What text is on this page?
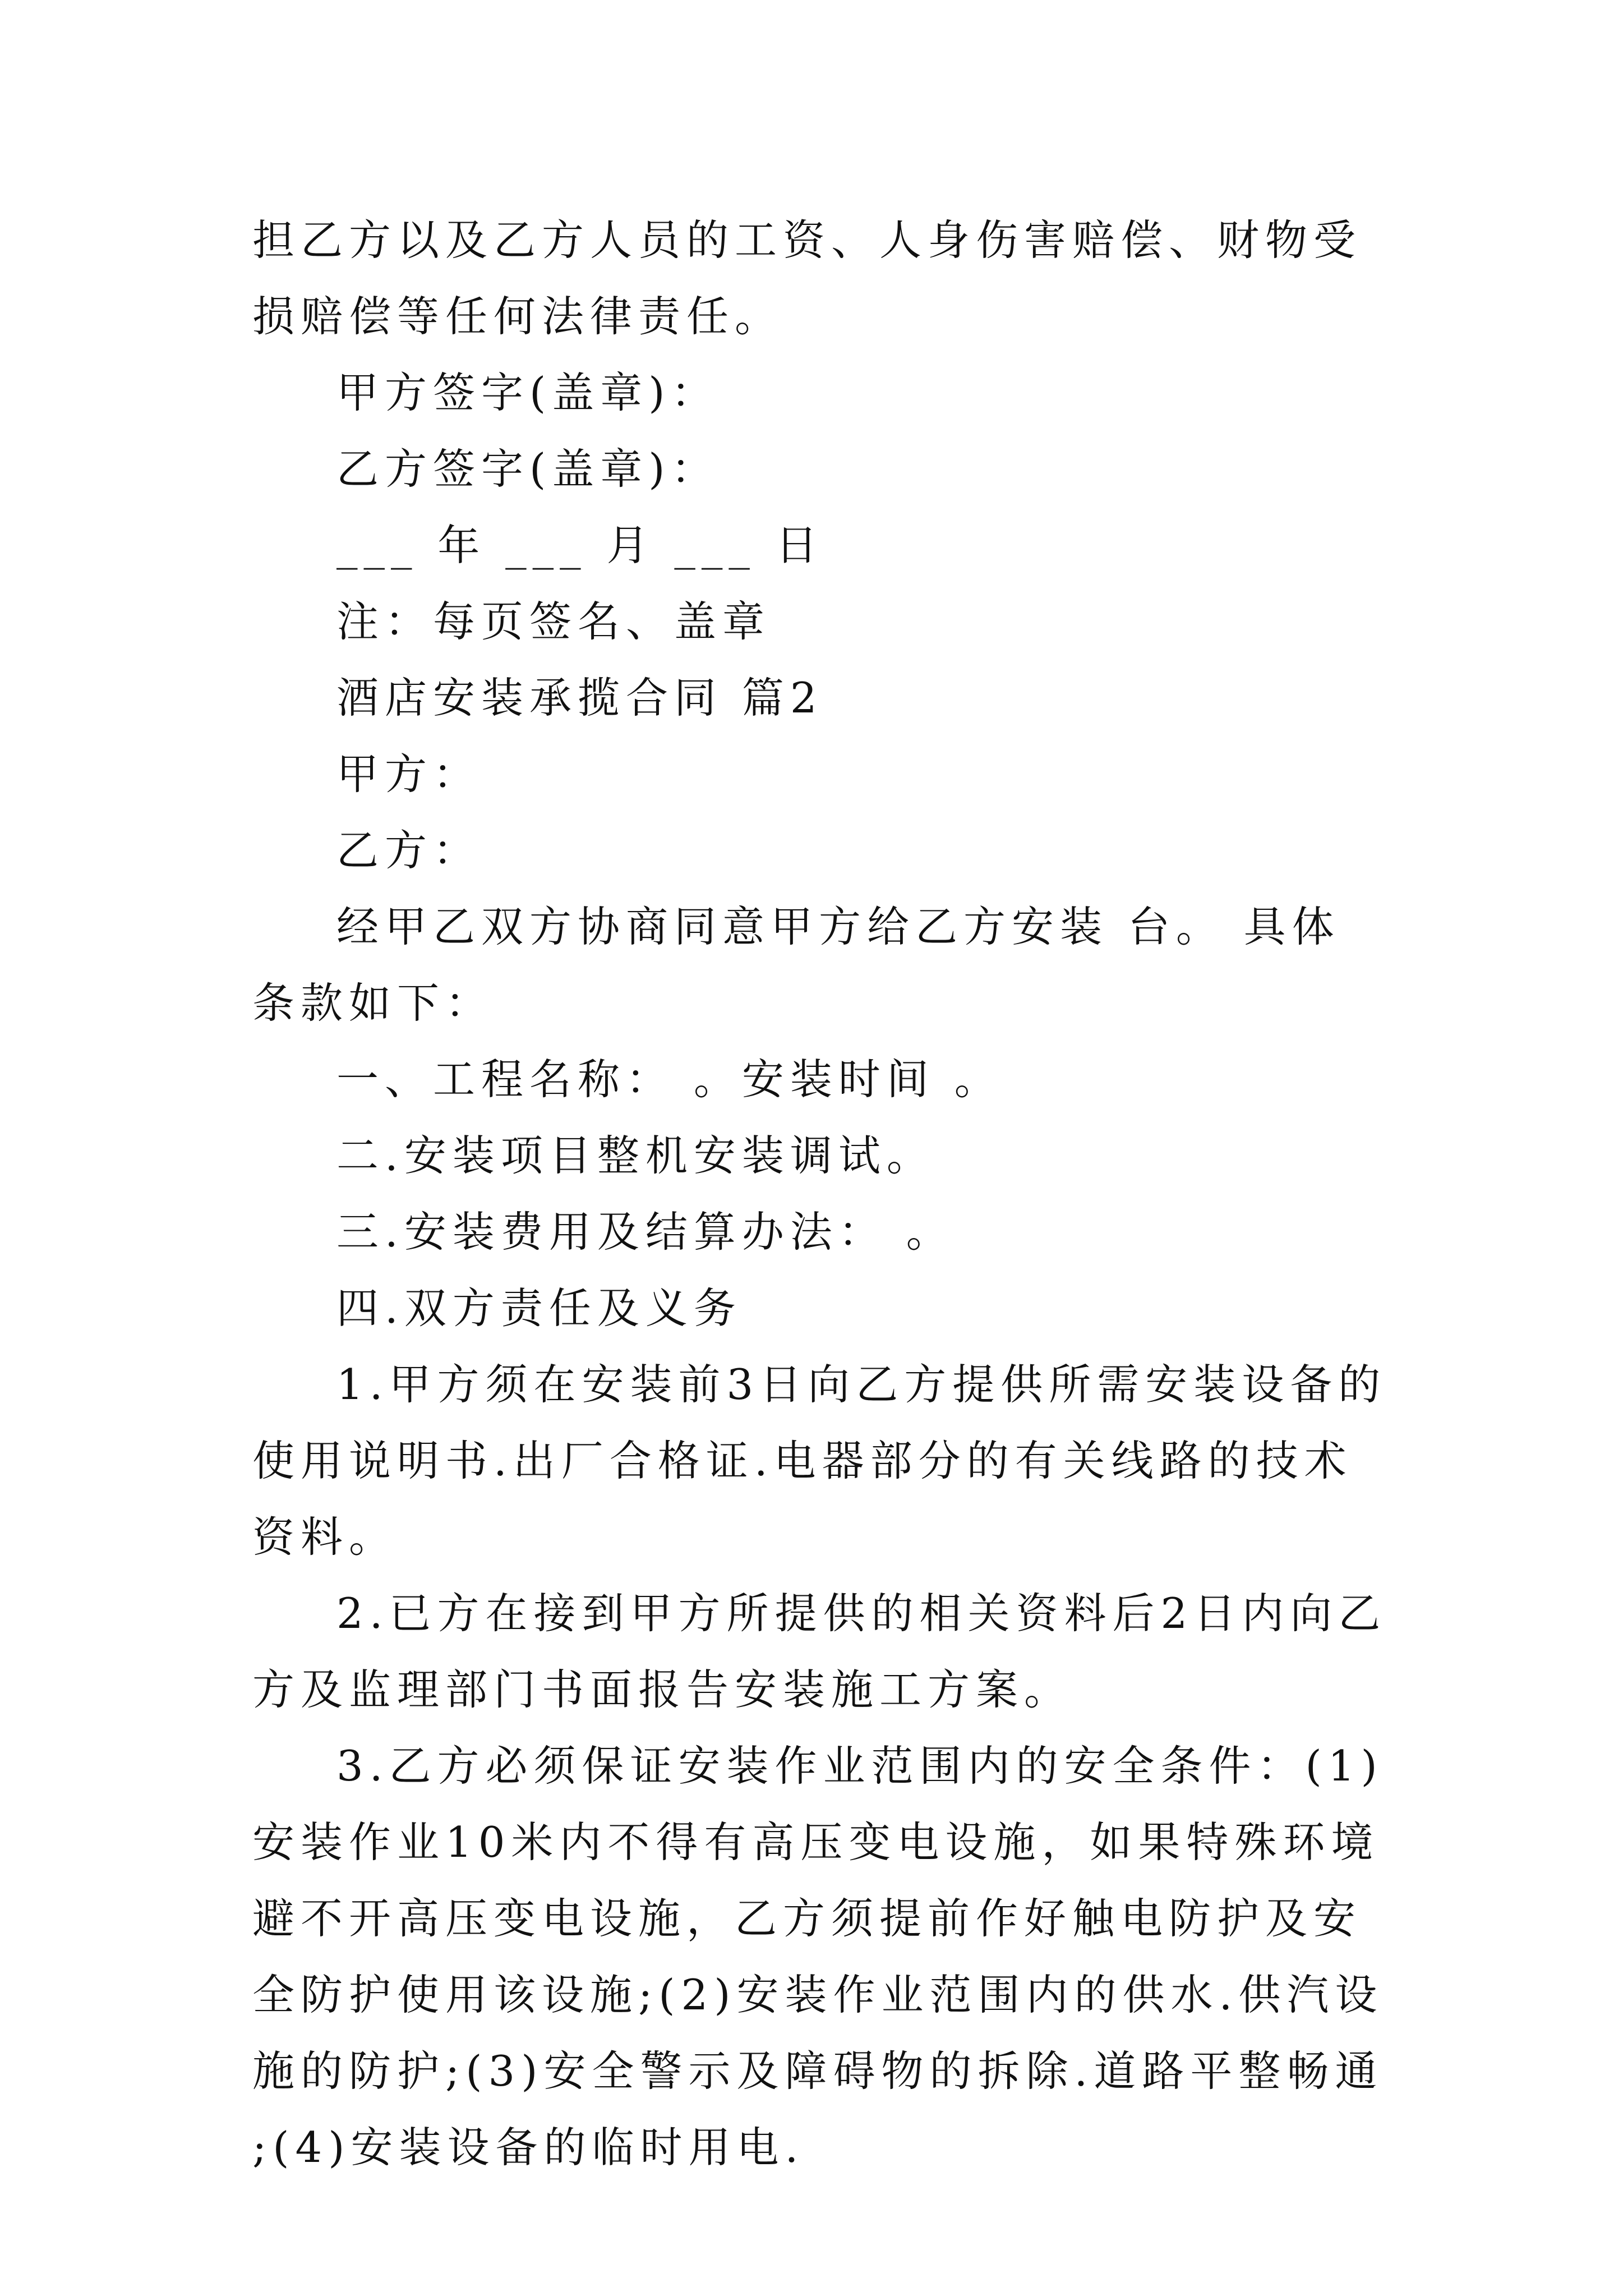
担乙方以及乙方人员的工资、人身伤害赔偿、财物受损赔偿等任何法律责任。

甲方签字(盖章)：

乙方签字(盖章)：

___ 年 ___ 月 ___ 日

注：每页签名、盖章

酒店安装承揽合同 篇2

甲方：

乙方：

经甲乙双方协商同意甲方给乙方安装 台。 具体条款如下：

一、工程名称： 。安装时间 。

二.安装项目整机安装调试。

三.安装费用及结算办法： 。

四.双方责任及义务

1.甲方须在安装前3日向乙方提供所需安装设备的使用说明书.出厂合格证.电器部分的有关线路的技术资料。

2.已方在接到甲方所提供的相关资料后2日内向乙方及监理部门书面报告安装施工方案。

3.乙方必须保证安装作业范围内的安全条件：(1)安装作业10米内不得有高压变电设施，如果特殊环境避不开高压变电设施，乙方须提前作好触电防护及安全防护使用该设施;(2)安装作业范围内的供水.供汽设施的防护;(3)安全警示及障碍物的拆除.道路平整畅通;(4)安装设备的临时用电.
